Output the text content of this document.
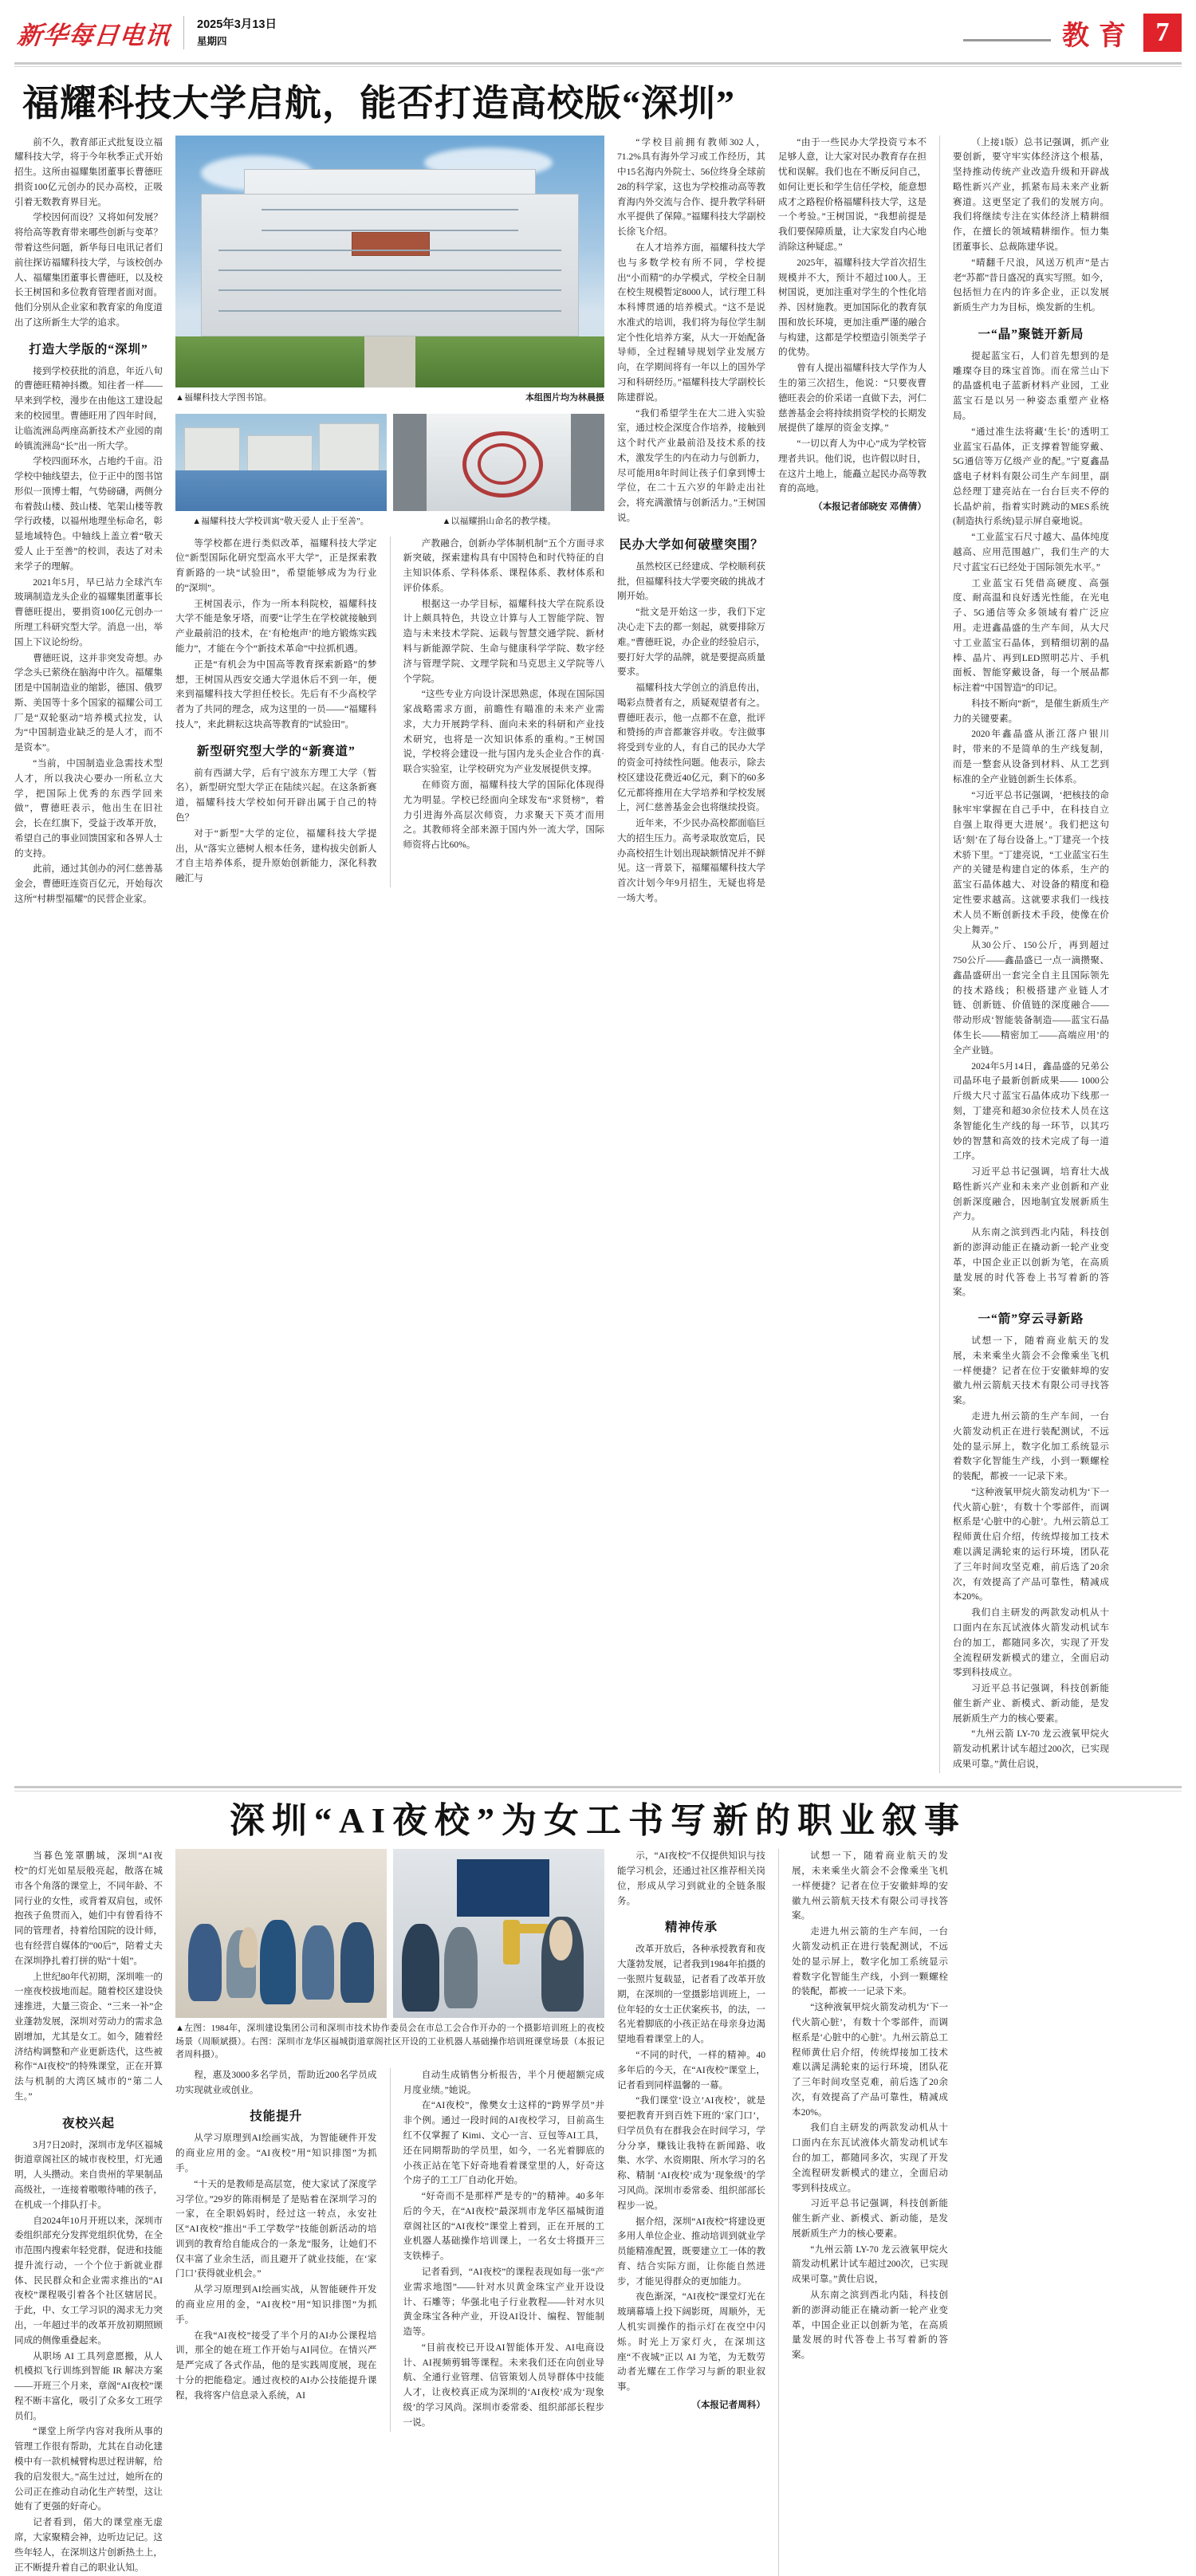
新华每日电讯 2025年3月13日
星期四	教育 7
福耀科技大学启航，能否打造高校版“深圳”

前不久，教育部正式批复设立福耀科技大学，将于今年秋季正式开始招生。这所由福耀集团董事长曹德旺捐资100亿元创办的民办高校，正吸引着无数教育界目光。

学校因何而设？又将如何发展？将给高等教育带来哪些创新与变革？带着这些问题，新华每日电讯记者们前往探访福耀科技大学，与该校创办人、福耀集团董事长曹德旺，以及校长王树国和多位教育管理者面对面。他们分别从企业家和教育家的角度道出了这所新生大学的追求。

打造大学版的“深圳”

接到学校获批的消息，年近八旬的曹德旺精神抖擞。知往者一样——早来到学校，漫步在由他这工建设起来的校园里。曹德旺用了四年时间，让临流洲岛两座高新技术产业园的南岭镇流洲岛“长”出一所大学。

学校四面环水，占地约千亩。沿学校中轴线望去，位于正中的图书馆形似一顶博士帽，气势磅礴，两侧分布着鼓山楼、鼓山楼、笔架山楼等教学行政楼，以福州地理坐标命名，彰显地域特色。中轴线上盖立着“敬天爱人 止于至善”的校训，表达了对未来学子的理解。

2021年5月，早已站力全球汽车玻璃制造龙头企业的福耀集团董事长曹德旺提出，要捐资100亿元创办一所理工科研究型大学。消息一出，举国上下议论纷纷。

曹德旺说，这并非突发奇想。办学念头已萦绕在脑海中许久。福耀集团是中国制造业的缩影，德国、俄罗斯、美国等十多个国家的福耀公司工厂是“双轮驱动”培养模式拉发，认为“中国制造业缺乏的是人才，而不是资本”。

“当前，中国制造业急需技术型人才，所以我决心要办一所私立大学，把国际上优秀的东西学回来做”，曹德旺表示，他出生在旧社会，长在红旗下，受益于改革开放，希望自己的事业回馈国家和各界人士的支持。

此前，通过其创办的河仁慈善基金会，曹德旺连资百亿元，开始每次这所“村耕型福耀”的民营企业家。

▲福耀科技大学图书馆。	本组图片均为林晨摄
▲福耀科技大学校训寓“敬天爱人 止于至善”。	▲以福耀捐山命名的教学楼。

等学校都在进行类似改革，福耀科技大学定位“新型国际化研究型高水平大学”，正是探索教育新路的一块“试验田”，希望能够成为为行业的“深圳”。

王树国表示，作为一所本科院校，福耀科技大学不能是象牙塔，而要“让学生在学校就接触到产业最前沿的技术，在‘有枪炮声’的地方锻炼实践能力”，才能在今个“新技术革命”中拉抓机遇。

正是“有机会为中国高等教育探索新路”的梦想，王树国从西安交通大学退休后不到一年，便来到福耀科技大学担任校长。先后有不少高校学者为了共同的理念，成为这里的一员——“福耀科技人”，来此耕耘这块高等教育的“试验田”。

新型研究型大学的“新赛道”

前有西湖大学，后有宁波东方理工大学（暂名），新型研究型大学正在陆续兴起。在这条新赛道，福耀科技大学校如何开辟出属于自己的特色？

对于“新型”大学的定位，福耀科技大学提出，从“落实立德树人根本任务，建构拔尖创新人才自主培养体系，提升原始创新能力，深化科教融汇与

产教融合，创新办学体制机制”五个方面寻求新突破，探索建构具有中国特色和时代特征的自主知识体系、学科体系、课程体系、教材体系和评价体系。

根据这一办学目标，福耀科技大学在院系设计上颇具特色，共设立计算与人工智能学院、智造与未来技术学院、运载与智慧交通学院、新材料与新能源学院、生命与健康科学学院、数字经济与管理学院、文理学院和马克思主义学院等八个学院。

“这些专业方向设计深思熟虑，体现在国际国家战略需求方面，前瞻性有瞄准的未来产业需求，大力开展跨学科、面向未来的科研和产业技术研究，也将是一次知识体系的重构。”王树国说，学校将会建设一批与国内龙头企业合作的真·联合实验室，让学校研究为产业发展提供支撑。

在师资方面，福耀科技大学的国际化体现得尤为明显。学校已经面向全球发布“求贤榜”，着力引进海外高层次师资，力求聚天下英才而用之。其教师将全部来源于国内外一流大学，国际师资将占比60%。

“学校目前拥有教师302人，71.2%具有海外学习或工作经历，其中15名海内外院士、56位终身全球前28的科学家，这也为学校推动高等教育海内外交流与合作、提升教学科研水平提供了保障。”福耀科技大学副校长徐飞介绍。

在人才培养方面，福耀科技大学也与多数学校有所不同，学校提出“小而精”的办学模式，学校全日制在校生规模暂定8000人，试行理工科本科博贯通的培养模式。“这不是说水准式的培训，我们将为每位学生制定个性化培养方案，从大一开始配备导师，全过程辅导规划学业发展方向，在学期间将有一年以上的国外学习和科研经历。”福耀科技大学副校长陈建群说。

“我们希望学生在大二进入实验室，通过校企深度合作培养，接触到这个时代产业最前沿及技术系的技术，激发学生的内在动力与创新力，尽可能用8年时间让孩子们拿到博士学位，在二十五六岁的年龄走出社会，将充满激情与创新活力。”王树国说。

民办大学如何破壁突围？

虽然校区已经建成、学校顺利获批，但福耀科技大学要突破的挑战才刚开始。

“批文是开始这一步，我们下定决心走下去的都一刻起，就要排除万难。”曹德旺说，办企业的经验启示，要打好大学的品牌，就是要提高质量要求。

福耀科技大学创立的消息传出，喝彩点赞者有之，质疑观望者有之。曹德旺表示，他一点都不在意，批评和赞扬的声音都兼容并收。专注做事将受到专业的人，有自己的民办大学的资金可持续性问题。他表示，除去校区建设花费近40亿元，剩下的60多亿元都将推用在大学培养和学校发展上，河仁慈善基金会也将继续投资。

近年来，不少民办高校都面临巨大的招生压力。高考录取放宽后，民办高校招生计划出现缺额情况并不鲜见。这一背景下，福耀福耀科技大学首次计划今年9月招生，无疑也将是一场大考。

“由于一些民办大学投资亏本不足够人意，让大家对民办教育存在担忧和误解。我们也在不断反问自己，如何让更长和学生信任学校，能意想成才之路程价格福耀科技大学，这是一个考验。”王树国说，“我想前提是我们要保障质量，让大家发自内心地消除这种疑虑。”

2025年，福耀科技大学首次招生规模并不大，预计不超过100人。王树国说，更加注重对学生的个性化培养、因材施教。更加国际化的教育氛围和放长环境，更加注重严谨的融合与构建，这都是学校塑造引领类学子的优势。

曾有人提出福耀科技大学作为人生的第三次招生，他说：“只要夜曹德旺表会的价采诺一直做下去，河仁慈善基金会将持续捐资学校的长期发展提供了雄厚的资金支撑。”

“一切以育人为中心”成为学校管理者共识。他们说，也许假以时日，在这片土地上，能矗立起民办高等教育的高地。

（本报记者邰晓安 邓倩倩）

（上接1版）总书记强调，抓产业要创新，要守牢实体经济这个根基，坚持推动传统产业改造升级和开辟战略性新兴产业，抓紧布局未来产业新赛道。这更坚定了我们的发展方向。我们将继续专注在实体经济上精耕细作，在擅长的领域精耕细作。恒力集团董事长、总裁陈建华说。

“晴翻千尺浪，风送万机声”是古老“苏都”昔日盛况的真实写照。如今，包括恒力在内的许多企业，正以发展新质生产力为目标，焕发新的生机。

一“晶”聚链开新局

提起蓝宝石，人们首先想到的是雕璨夺目的珠宝首饰。而在常兰山下的晶盛机电子蓝新材料产业园，工业蓝宝石是以另一种姿态重塑产业格局。

“通过准生法将藏‘生长’的透明工业蓝宝石晶体，正支撑着智能穿戴、5G通信等万亿级产业的配。”宁夏鑫晶盛电子材料有限公司生产车间里，副总经理丁建亮站在一台台巨夹不停的长晶炉前，指着实时跳动的MES系统(制造执行系统)显示屏自豪地说。

“工业蓝宝石尺寸越大、晶体纯度越高、应用范围越广，我们生产的大尺寸蓝宝石已经处于国际领先水平。”

工业蓝宝石凭借高硬度、高强度、耐高温和良好透光性能，在光电子、5G通信等众多领域有着广泛应用。走进鑫晶盛的生产车间，从大尺寸工业蓝宝石晶体，到精细切割的晶棒、晶片、再到LED照明芯片、手机面板、智能穿戴设备，每一个展品都标注着“中国智造”的印记。

科技不断向“新”，是催生新质生产力的关键要素。

2020年鑫晶盛从浙江落户银川时，带来的不是简单的生产线复制，而是一整套从设备到材料、从工艺到标准的全产业链创新生长体系。

“习近平总书记强调，‘把核技的命脉牢牢掌握在自己手中，在科技自立自强上取得更大进展’。我们把这句话‘刻’在了每台设备上。”丁建亮一个技术骄下里。“丁建亮说，“工业蓝宝石生产的关键是构建自定的体系，生产的蓝宝石晶体越大、对设备的精度和稳定性要求越高。这就要求我们一线技术人员不断创新技术手段，使像在价尖上舞弄。”

从30公斤、150公斤，再到超过750公斤——鑫晶盛已一点一滴攒聚、鑫晶盛研出一套完全自主且国际领先的技术路线；积极搭建产业链人才链、创新链、价值链的深度融合——带动形成‘智能装备制造——蓝宝石晶体生长——精密加工——高端应用’的全产业链。

2024年5月14日，鑫晶盛的兄弟公司晶环电子最新创新成果—— 1000公斤级大尺寸蓝宝石晶体成功下线那一刻，丁建亮和超30余位技术人员在这条智能化生产线的每一环节，以其巧妙的智慧和高效的技术完成了每一道工序。

习近平总书记强调，培育壮大战略性新兴产业和未来产业创新和产业创新深度融合，因地制宜发展新质生产力。

从东南之滨到西北内陆，科技创新的澎湃动能正在撬动新一轮产业变革，中国企业正以创新为笔，在高质量发展的时代答卷上书写着新的答案。

一“箭”穿云寻新路

试想一下，随着商业航天的发展，未来乘坐火箭会不会像乘坐飞机一样便捷？记者在位于安徽蚌埠的安徽九州云箭航天技术有限公司寻找答案。

走进九州云箭的生产车间，一台火箭发动机正在进行装配测试，不远处的显示屏上，数字化加工系统显示着数字化智能生产线，小到一颗螺栓的装配，都被一一记录下来。

“这种液氧甲烷火箭发动机为‘下一代火箭心脏’，有数十个零部件，而调枢系是‘心脏中的心脏’。九州云箭总工程师黄仕启介绍，传统焊接加工技术难以满足满轮束的运行环境，团队花了三年时间攻坚克难，前后选了20余次，有效提高了产品可靠性，精减成本20%。

我们自主研发的两款发动机从十口面内在东瓦试液体火箭发动机试车台的加工，都随同多次，实现了开发全流程研发新模式的建立，全面启动零到科技成立。

习近平总书记强调，科技创新能催生新产业、新模式、新动能，是发展新质生产力的核心要素。

“九州云箭 LY-70 龙云液氧甲烷火箭发动机累计试车超过200次，已实现成果可靠。”黄仕启说，

深圳“AI夜校”为女工书写新的职业叙事

当暮色笼罩鹏城，深圳“AI夜校”的灯光如星辰般亮起，散落在城市各个角落的课堂上，不同年龄、不同行业的女性，或背着双肩包，或怀抱孩子鱼贯而入，她们中有曾看待不同的管理者，持着给国院的设计师，也有经营自媒体的“00后”，陪着丈夫在深圳挣扎着打拼的贴“十姐”。

上世纪80年代初期，深圳唯一的一座夜校拔地而起。随着校区建设快速推进，大量三资企、“三来一补”企业蓬勃发展，深圳对劳动力的需求急剧增加，尤其是女工。如今，随着经济结构调整和产业更新迭代，这些被称作“AI夜校”的特殊课堂，正在开算法与机制的大湾区城市的“第二人生。”

夜校兴起

3月7日20时，深圳市龙华区福城街道章阁社区的城市夜校里，灯光通明，人头攒动。来自贵州的苹果制品高级社，一连接着嗷嗷待哺的孩子，在机成一个排队打卡。

自2024年10月开班以来，深圳市委组织部充分发挥党组织优势，在全市范围内搜索年轻党群，促进和技能提升流行动，一个个位于新就业群体、民民群众和企业需求推出的“AI夜校”课程吸引着各个社区辖居民。于此，中、女工学习识的渴求无力突出，一年超过半的改革开放初期照顾同成的侧像重叠起来。

从职场 AI 工具列意愿搬，从人机模拟飞行训练到智能 IR 解决方案——开班三个月来，章阁“AI夜校”课程不断丰富化，吸引了众多女工班学员们。

“课堂上所学内容对我所从事的管理工作很有帮助，尤其在自动化建模中有一款机械臂构思过程讲解，给我的启发很大。”高生过过，她所在的公司正在推动自动化生产转型，这让她有了更强的好奇心。

记者看到，偌大的课堂座无虚席，大家聚精会神，边听边记记。这些年轻人，在深圳这片创新热土上，正不断提升着自己的职业认知。

▲左图：1984年，深圳建设集团公司和深圳市技术协作委员会在市总工会合作开办的一个摄影培训班上的夜校场景（周顺斌摄）。右图：深圳市龙华区福城街道章阁社区开设的工业机器人基础操作培训班课堂场景（本报记者周科摄）。

程，惠及3000多名学员，帮助近200名学员成功实现就业或创业。

技能提升

从学习原理到AI绘画实战，为智能硬件开发的商业应用的金。“AI夜校”用“知识排图”为抓手。

“十天的是教师是高层宽，使大家试了深度学习学位。”29岁的陈雨桐是了是贴着在深圳学习的一家，在全职妈妈时，经过这一转点，永安社区“AI夜校”推出“手工学数学”技能创新活动的培训到的教育给自能成合的一条龙“服务，让她们不仅丰富了业余生活，而且避开了就业技能，在‘家门口’获得就业机会。”

从学习原理到AI绘画实战，从智能硬件开发的商业应用的金，“AI夜校”用“知识排图”为抓手。

在我“AI夜校”接受了半个月的AI办公课程培训，那全的她在班工作开始与AI同位。在情兴严是严完成了各式作品，他的是实践周度展，现在十分的把能稳定。通过夜校的AI办公技能提升课程，我将客户信息录入系统，AI

自动生成销售分析报告，半个月便超额完成月度业绩。”她说。

在“AI夜校”，像樊女士这样的“跨界学员”并非个例。通过一段时间的AI夜校学习，目前高生红不仅掌握了 Kimi、文心一言、豆包等AI工具，还在同期帮助的学员里，如今，一名光着脚底的小孩正站在笔下好奇地看着课堂里的人，好奇这个房子的工工厂自动化开始。

“好奇而不是那样严是专的”的精神。40多年后的今天，在“AI夜校”最深圳市龙华区福城街道章阁社区的“AI夜校”课堂上着到，正在开展的工业机器人基础操作培训课上，一名女士将摄开三支铁棒子。

记者看到，“AI夜校”的课程表现如每一张“产业需求地图”——针对水贝黄金珠宝产业开设设计、石雕等；华强北电子行业教程——针对水贝黄金珠宝各种产业，开设AI设计、编程、智能制造等。

“目前夜校已开设AI智能体开发、AI电商设计、AI视频剪辑等课程。未来我们还在向创业导航、全通行业管理、信管策划人员导群体中技能人才，让夜校真正成为深圳的‘AI夜校’成为‘现象级’的学习风尚。深圳市委常委、组织部部长程步一说。

示，“AI夜校”不仅提供知识与技能学习机会，还通过社区推荐相关岗位，形成从学习到就业的全链条服务。

精神传承

改革开放后，各种承授教育和夜大蓬勃发展，记者我到1984年拍摄的一张照片复载显，记者看了改革开放期，在深圳的一堂摄影培训班上，一位年轻的女士正伏案疾书，的法，一名光着脚底的小孩正站在母亲身边渴望地看着课堂上的人。

“不同的时代，一样的精神。40多年后的今天，在“AI夜校”课堂上，记者看到同样温馨的一幕。

“我们课堂‘设立’AI夜校’，就是要把教育开到百姓下班的‘家门口’，归学员负有在群我会在时间学习，学分分享，赚钱让我特在新闻路、收集、水学、水资期限、所水学习的名称、精制 ‘AI夜校’成为‘现象级’的学习风尚。深圳市委常委、组织部部长程步一说。

据介绍，深圳“AI夜校”将建设更多用人单位企业、推动培训到就业学员能精准配置，既要建立工一体的教育、结合实际方面，让你能自然进步，才能见得群众的更加能力。

夜色渐深，“AI夜校”课堂灯光在玻璃幕墙上投下阔影斑，周顺外，无人机实训操作的指示灯在夜空中闪烁。时光上万家灯火，在深圳这座“不夜城”正以 AI 为笔，为无数劳动者光耀在工作学习与新的职业叙事。

（本报记者周科）

试想一下，随着商业航天的发展，未来乘坐火箭会不会像乘坐飞机一样便捷？记者在位于安徽蚌埠的安徽九州云箭航天技术有限公司寻找答案。

走进九州云箭的生产车间，一台火箭发动机正在进行装配测试，不远处的显示屏上，数字化加工系统显示着数字化智能生产线，小到一颗螺栓的装配，都被一一记录下来。

“这种液氧甲烷火箭发动机为‘下一代火箭心脏’，有数十个零部件，而调枢系是‘心脏中的心脏’。九州云箭总工程师黄仕启介绍，传统焊接加工技术难以满足满轮束的运行环境，团队花了三年时间攻坚克难，前后选了20余次，有效提高了产品可靠性，精减成本20%。

我们自主研发的两款发动机从十口面内在东瓦试液体火箭发动机试车台的加工，都随同多次，实现了开发全流程研发新模式的建立，全面启动零到科技成立。

习近平总书记强调，科技创新能催生新产业、新模式、新动能，是发展新质生产力的核心要素。

“九州云箭 LY-70 龙云液氧甲烷火箭发动机累计试车超过200次，已实现成果可靠。”黄仕启说，

从东南之滨到西北内陆，科技创新的澎湃动能正在撬动新一轮产业变革，中国企业正以创新为笔，在高质量发展的时代答卷上书写着新的答案。
